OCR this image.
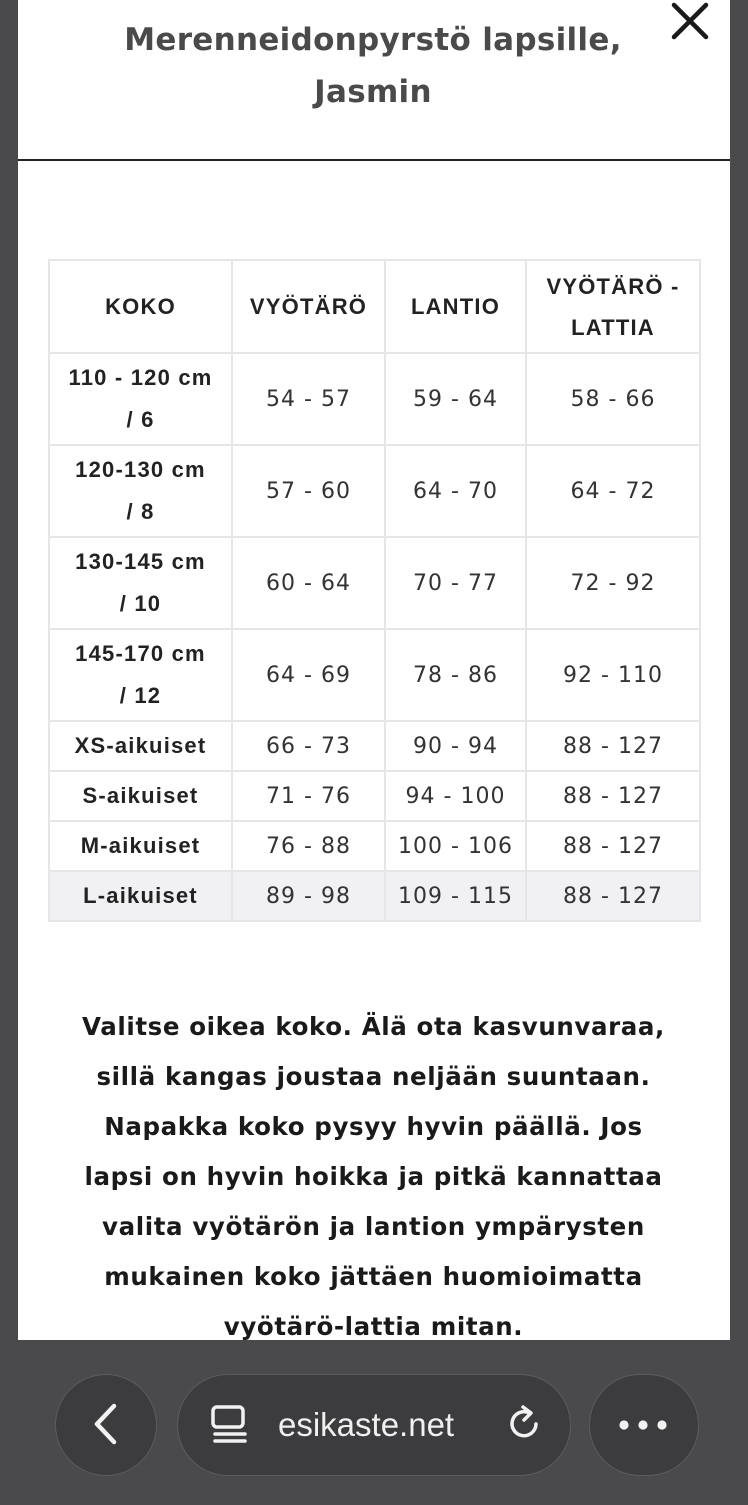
Merenneidonpyrstö lapsille,
Jasmin
KOKO	VYÖTÄRÖ	LANTIO	VYÖTÄRÖ -
LATTIA

110 - 120 cm
/ 6	54 - 57	59 - 64	58 - 66

120-130 cm
/ 8	57 - 60	64 - 70	64 - 72

130-145 cm
/ 10	60 - 64	70 - 77	72 - 92

145-170 cm
/ 12	64 - 69	78 - 86	92 - 110
XS-aikuiset	66 - 73	90 - 94	88 - 127
S-aikuiset	71 - 76	94 - 100	88 - 127
M-aikuiset	76 - 88	100 - 106	88 - 127
L-aikuiset	89 - 98	109 - 115	88 - 127
Valitse oikea koko. Älä ota kasvunvaraa,
sillä kangas joustaa neljään suuntaan.
Napakka koko pysyy hyvin päällä. Jos
lapsi on hyvin hoikka ja pitkä kannattaa
valita vyötärön ja lantion ympärysten
mukainen koko jättäen huomioimatta
vyötärö-lattia mitan.
esikaste.net
